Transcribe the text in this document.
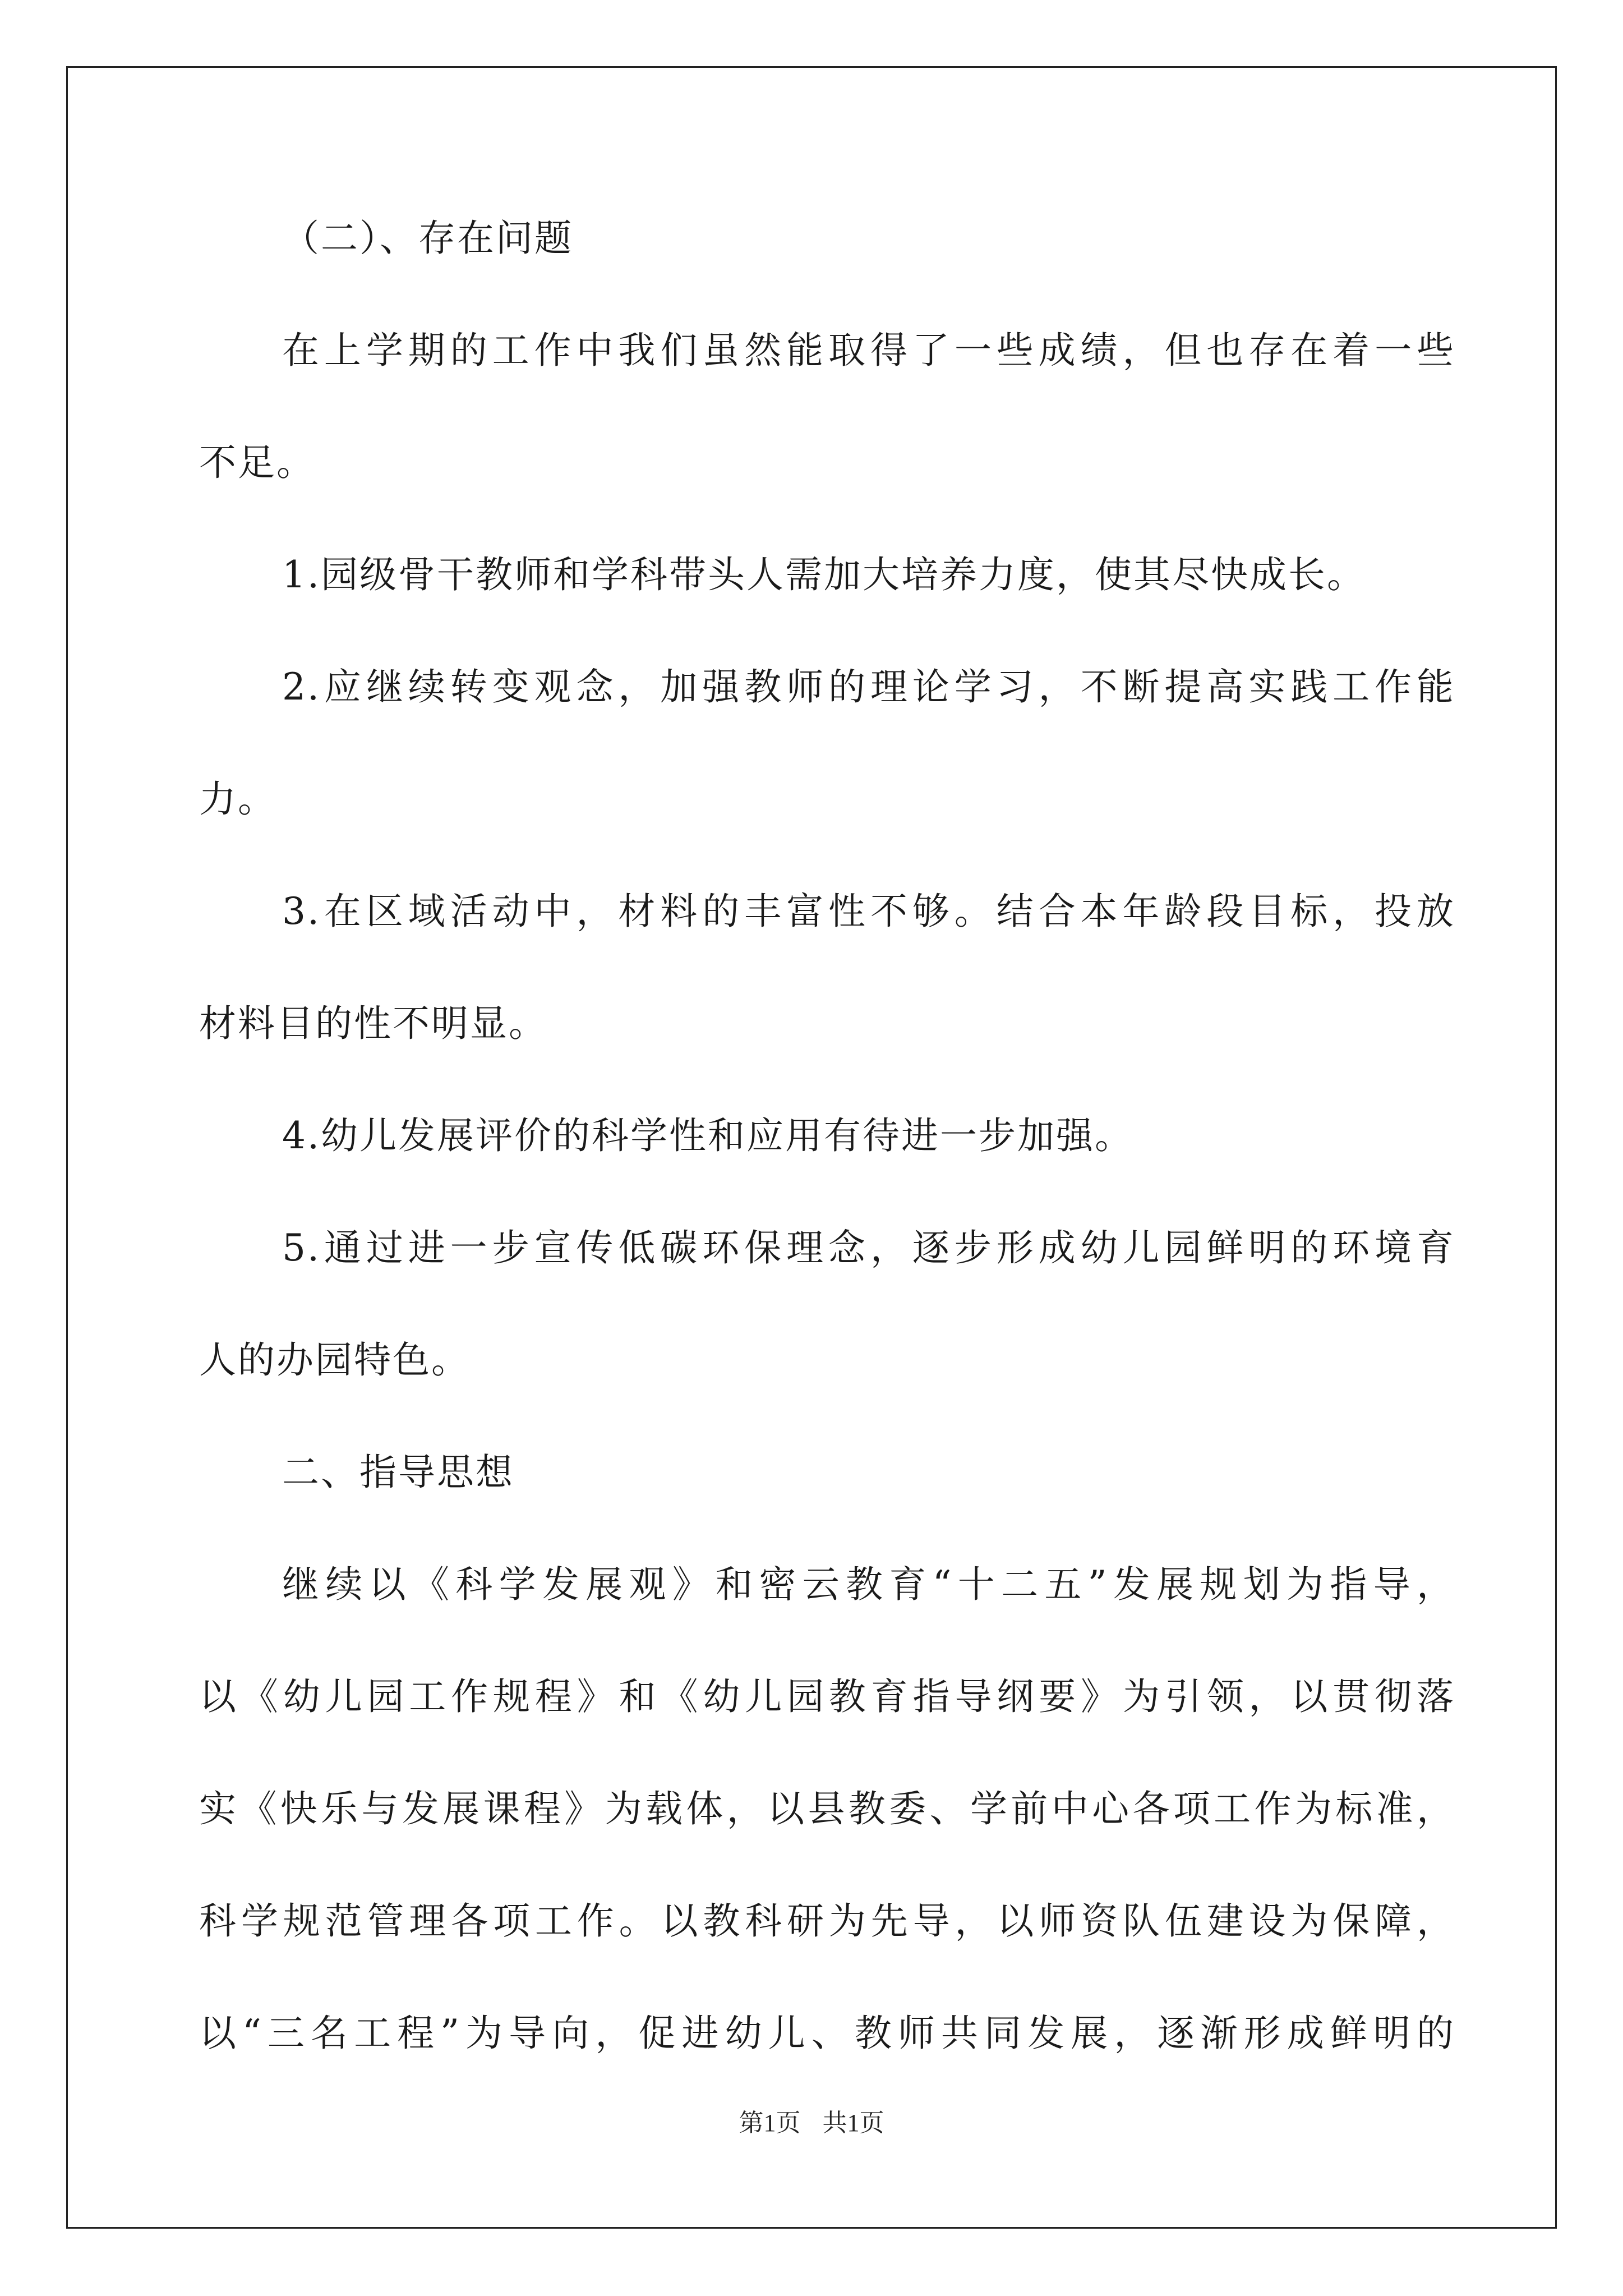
（二）、存在问题
在上学期的工作中我们虽然能取得了一些成绩，但也存在着一些
不足。
1.园级骨干教师和学科带头人需加大培养力度，使其尽快成长。
2.应继续转变观念，加强教师的理论学习，不断提高实践工作能
力。
3.在区域活动中，材料的丰富性不够。结合本年龄段目标，投放
材料目的性不明显。
4.幼儿发展评价的科学性和应用有待进一步加强。
5.通过进一步宣传低碳环保理念，逐步形成幼儿园鲜明的环境育
人的办园特色。
二、指导思想
继续以《科学发展观》和密云教育“十二五”发展规划为指导，
以《幼儿园工作规程》和《幼儿园教育指导纲要》为引领，以贯彻落
实《快乐与发展课程》为载体，以县教委、学前中心各项工作为标准，
科学规范管理各项工作。以教科研为先导，以师资队伍建设为保障，
以“三名工程”为导向，促进幼儿、教师共同发展，逐渐形成鲜明的
第1页 共1页
